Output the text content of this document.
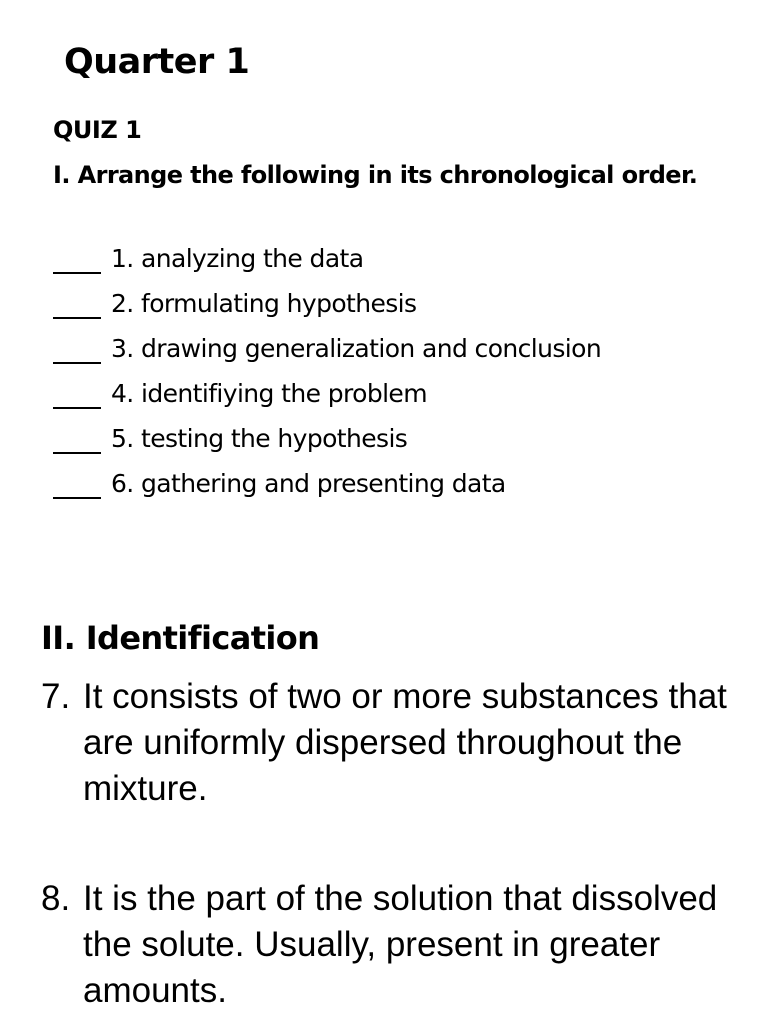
Quarter 1
QUIZ 1
I. Arrange the following in its chronological order.
1.
analyzing the data
2.
formulating hypothesis
3.
drawing generalization and conclusion
4.
identifiying the problem
5.
testing the hypothesis
6.
gathering and presenting data
II. Identification
7. It consists of two or more substances that are uniformly dispersed throughout the mixture.
8. It is the part of the solution that dissolved the solute. Usually, present in greater amounts.
